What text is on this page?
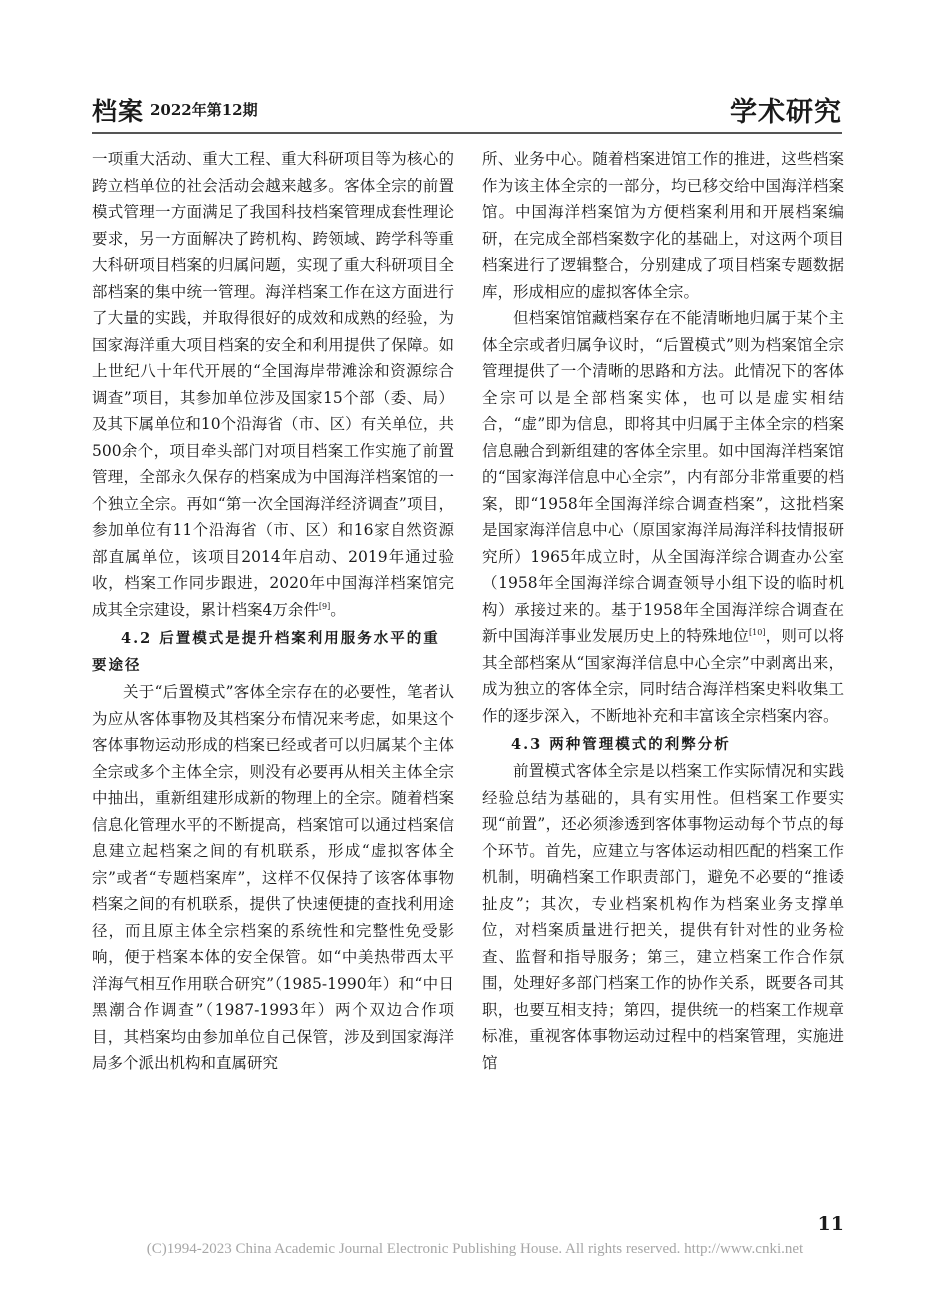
档案 2022年第12期	学术研究

一项重大活动、重大工程、重大科研项目等为核心的跨立档单位的社会活动会越来越多。客体全宗的前置模式管理一方面满足了我国科技档案管理成套性理论要求，另一方面解决了跨机构、跨领域、跨学科等重大科研项目档案的归属问题，实现了重大科研项目全部档案的集中统一管理。海洋档案工作在这方面进行了大量的实践，并取得很好的成效和成熟的经验，为国家海洋重大项目档案的安全和利用提供了保障。如上世纪八十年代开展的“全国海岸带滩涂和资源综合调查”项目，其参加单位涉及国家15个部（委、局）及其下属单位和10个沿海省（市、区）有关单位，共500余个，项目牵头部门对项目档案工作实施了前置管理，全部永久保存的档案成为中国海洋档案馆的一个独立全宗。再如“第一次全国海洋经济调查”项目，参加单位有11个沿海省（市、区）和16家自然资源部直属单位，该项目2014年启动、2019年通过验收，档案工作同步跟进，2020年中国海洋档案馆完成其全宗建设，累计档案4万余件[9]。

4.2 后置模式是提升档案利用服务水平的重要途径

关于“后置模式”客体全宗存在的必要性，笔者认为应从客体事物及其档案分布情况来考虑，如果这个客体事物运动形成的档案已经或者可以归属某个主体全宗或多个主体全宗，则没有必要再从相关主体全宗中抽出，重新组建形成新的物理上的全宗。随着档案信息化管理水平的不断提高，档案馆可以通过档案信息建立起档案之间的有机联系，形成“虚拟客体全宗”或者“专题档案库”，这样不仅保持了该客体事物档案之间的有机联系，提供了快速便捷的查找利用途径，而且原主体全宗档案的系统性和完整性免受影响，便于档案本体的安全保管。如“中美热带西太平洋海气相互作用联合研究”（1985-1990年）和“中日黑潮合作调查”（1987-1993年）两个双边合作项目，其档案均由参加单位自己保管，涉及到国家海洋局多个派出机构和直属研究

所、业务中心。随着档案进馆工作的推进，这些档案作为该主体全宗的一部分，均已移交给中国海洋档案馆。中国海洋档案馆为方便档案利用和开展档案编研，在完成全部档案数字化的基础上，对这两个项目档案进行了逻辑整合，分别建成了项目档案专题数据库，形成相应的虚拟客体全宗。

但档案馆馆藏档案存在不能清晰地归属于某个主体全宗或者归属争议时，“后置模式”则为档案馆全宗管理提供了一个清晰的思路和方法。此情况下的客体全宗可以是全部档案实体，也可以是虚实相结合，“虚”即为信息，即将其中归属于主体全宗的档案信息融合到新组建的客体全宗里。如中国海洋档案馆的“国家海洋信息中心全宗”，内有部分非常重要的档案，即“1958年全国海洋综合调查档案”，这批档案是国家海洋信息中心（原国家海洋局海洋科技情报研究所）1965年成立时，从全国海洋综合调查办公室（1958年全国海洋综合调查领导小组下设的临时机构）承接过来的。基于1958年全国海洋综合调查在新中国海洋事业发展历史上的特殊地位[10]，则可以将其全部档案从“国家海洋信息中心全宗”中剥离出来，成为独立的客体全宗，同时结合海洋档案史料收集工作的逐步深入，不断地补充和丰富该全宗档案内容。

4.3 两种管理模式的利弊分析

前置模式客体全宗是以档案工作实际情况和实践经验总结为基础的，具有实用性。但档案工作要实现“前置”，还必须渗透到客体事物运动每个节点的每个环节。首先，应建立与客体运动相匹配的档案工作机制，明确档案工作职责部门，避免不必要的“推诿扯皮”；其次，专业档案机构作为档案业务支撑单位，对档案质量进行把关，提供有针对性的业务检查、监督和指导服务；第三，建立档案工作合作氛围，处理好多部门档案工作的协作关系，既要各司其职，也要互相支持；第四，提供统一的档案工作规章标准，重视客体事物运动过程中的档案管理，实施进馆

11
(C)1994-2023 China Academic Journal Electronic Publishing House. All rights reserved. http://www.cnki.net
